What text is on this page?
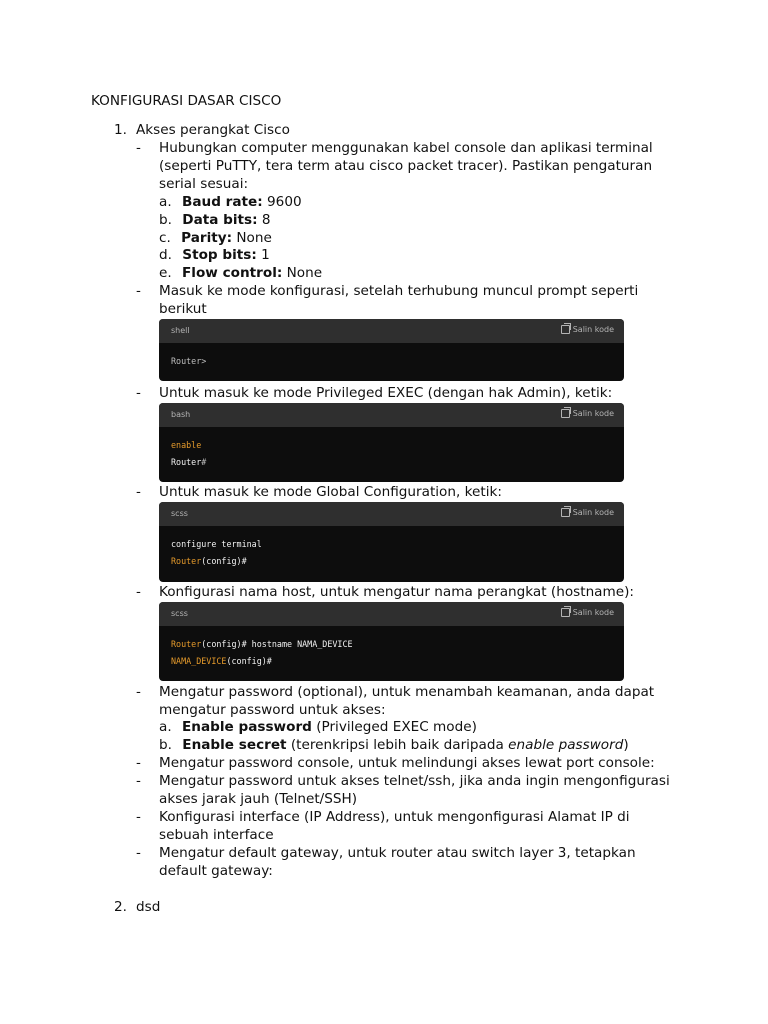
KONFIGURASI DASAR CISCO
1. Akses perangkat Cisco
- Hubungkan computer menggunakan kabel console dan aplikasi terminal
(seperti PuTTY, tera term atau cisco packet tracer). Pastikan pengaturan
serial sesuai:
a. Baud rate: 9600
b. Data bits: 8
c. Parity: None
d. Stop bits: 1
e. Flow control: None
- Masuk ke mode konfigurasi, setelah terhubung muncul prompt seperti
berikut
shell	Salin kode
Router>
- Untuk masuk ke mode Privileged EXEC (dengan hak Admin), ketik:
bash	Salin kode
enable
Router#
- Untuk masuk ke mode Global Configuration, ketik:
scss	Salin kode
configure terminal
Router(config)#
- Konfigurasi nama host, untuk mengatur nama perangkat (hostname):
scss	Salin kode
Router(config)# hostname NAMA_DEVICE
NAMA_DEVICE(config)#
- Mengatur password (optional), untuk menambah keamanan, anda dapat
mengatur password untuk akses:
a. Enable password (Privileged EXEC mode)
b. Enable secret (terenkripsi lebih baik daripada enable password)
- Mengatur password console, untuk melindungi akses lewat port console:
- Mengatur password untuk akses telnet/ssh, jika anda ingin mengonfigurasi
akses jarak jauh (Telnet/SSH)
- Konfigurasi interface (IP Address), untuk mengonfigurasi Alamat IP di
sebuah interface
- Mengatur default gateway, untuk router atau switch layer 3, tetapkan
default gateway:
2. dsd
